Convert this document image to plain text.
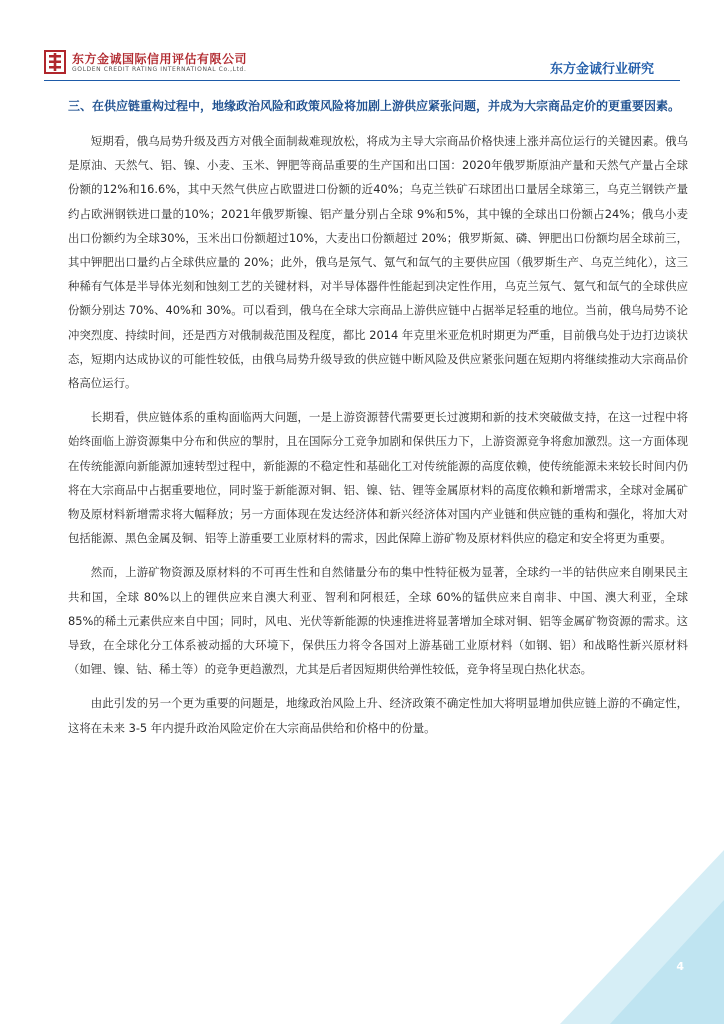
东方金诚国际信用评估有限公司
GOLDEN CREDIT RATING INTERNATIONAL Co.,Ltd.	东方金诚行业研究

三、在供应链重构过程中，地缘政治风险和政策风险将加剧上游供应紧张问题，并成为大宗商品定价的更重要因素。

短期看，俄乌局势升级及西方对俄全面制裁难现放松，将成为主导大宗商品价格快速上涨并高位运行的关键因素。俄乌是原油、天然气、铝、镍、小麦、玉米、钾肥等商品重要的生产国和出口国：2020年俄罗斯原油产量和天然气产量占全球份额的12%和16.6%，其中天然气供应占欧盟进口份额的近40%；乌克兰铁矿石球团出口量居全球第三，乌克兰钢铁产量约占欧洲钢铁进口量的10%；2021年俄罗斯镍、铝产量分别占全球 9%和5%，其中镍的全球出口份额占24%；俄乌小麦出口份额约为全球30%，玉米出口份额超过10%，大麦出口份额超过 20%；俄罗斯氮、磷、钾肥出口份额均居全球前三，其中钾肥出口量约占全球供应量的 20%；此外，俄乌是氖气、氪气和氙气的主要供应国（俄罗斯生产、乌克兰纯化），这三种稀有气体是半导体光刻和蚀刻工艺的关键材料，对半导体器件性能起到决定性作用，乌克兰氖气、氪气和氙气的全球供应份额分别达 70%、40%和 30%。可以看到，俄乌在全球大宗商品上游供应链中占据举足轻重的地位。当前，俄乌局势不论冲突烈度、持续时间，还是西方对俄制裁范围及程度，都比 2014 年克里米亚危机时期更为严重，目前俄乌处于边打边谈状态，短期内达成协议的可能性较低，由俄乌局势升级导致的供应链中断风险及供应紧张问题在短期内将继续推动大宗商品价格高位运行。

长期看，供应链体系的重构面临两大问题，一是上游资源替代需要更长过渡期和新的技术突破做支持，在这一过程中将始终面临上游资源集中分布和供应的掣肘，且在国际分工竞争加剧和保供压力下，上游资源竞争将愈加激烈。这一方面体现在传统能源向新能源加速转型过程中，新能源的不稳定性和基础化工对传统能源的高度依赖，使传统能源未来较长时间内仍将在大宗商品中占据重要地位，同时鉴于新能源对铜、铝、镍、钴、锂等金属原材料的高度依赖和新增需求，全球对金属矿物及原材料新增需求将大幅释放；另一方面体现在发达经济体和新兴经济体对国内产业链和供应链的重构和强化，将加大对包括能源、黑色金属及铜、铝等上游重要工业原材料的需求，因此保障上游矿物及原材料供应的稳定和安全将更为重要。

然而，上游矿物资源及原材料的不可再生性和自然储量分布的集中性特征极为显著，全球约一半的钴供应来自刚果民主共和国，全球 80%以上的锂供应来自澳大利亚、智利和阿根廷，全球 60%的锰供应来自南非、中国、澳大利亚，全球 85%的稀土元素供应来自中国；同时，风电、光伏等新能源的快速推进将显著增加全球对铜、铝等金属矿物资源的需求。这导致，在全球化分工体系被动摇的大环境下，保供压力将令各国对上游基础工业原材料（如钢、铝）和战略性新兴原材料（如锂、镍、钴、稀土等）的竞争更趋激烈，尤其是后者因短期供给弹性较低，竞争将呈现白热化状态。

由此引发的另一个更为重要的问题是，地缘政治风险上升、经济政策不确定性加大将明显增加供应链上游的不确定性，这将在未来 3-5 年内提升政治风险定价在大宗商品供给和价格中的份量。

4
